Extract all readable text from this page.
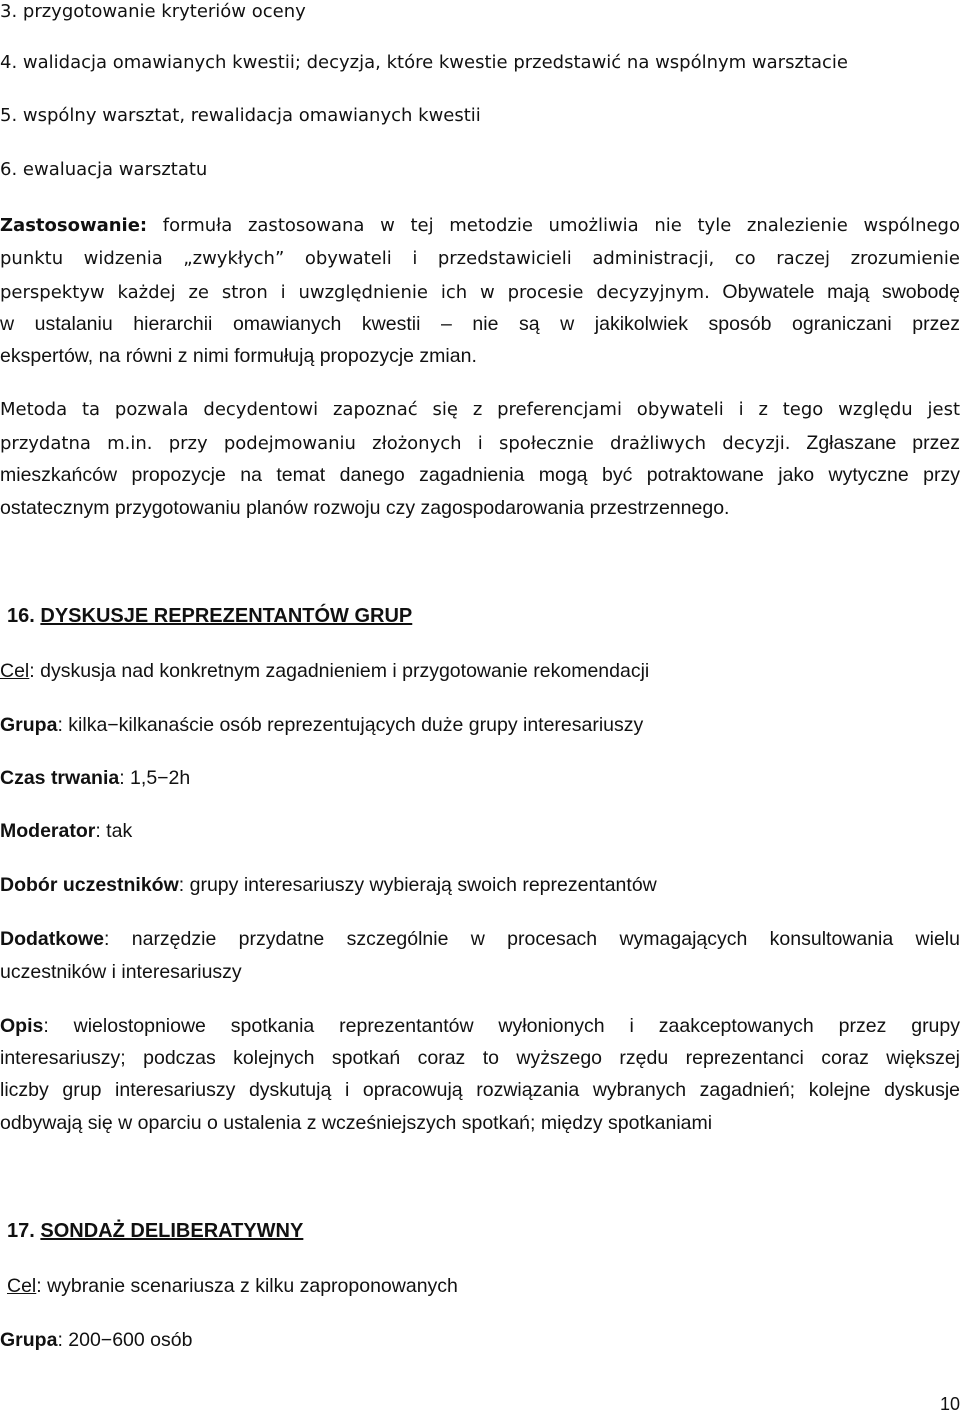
3. przygotowanie kryteriów oceny

4. walidacja omawianych kwestii; decyzja, które kwestie przedstawić na wspólnym warsztacie

5. wspólny warsztat, rewalidacja omawianych kwestii

6. ewaluacja warsztatu

Zastosowanie: formuła zastosowana w tej metodzie umożliwia nie tyle znalezienie wspólnego

punktu widzenia „zwykłych” obywateli i przedstawicieli administracji, co raczej zrozumienie

perspektyw każdej ze stron i uwzględnienie ich w procesie decyzyjnym. Obywatele mają swobodę

w ustalaniu hierarchii omawianych kwestii – nie są w jakikolwiek sposób ograniczani przez

ekspertów, na równi z nimi formułują propozycje zmian.

Metoda ta pozwala decydentowi zapoznać się z preferencjami obywateli i z tego względu jest

przydatna m.in. przy podejmowaniu złożonych i społecznie drażliwych decyzji. Zgłaszane przez

mieszkańców propozycje na temat danego zagadnienia mogą być potraktowane jako wytyczne przy

ostatecznym przygotowaniu planów rozwoju czy zagospodarowania przestrzennego.

16. DYSKUSJE REPREZENTANTÓW GRUP

Cel: dyskusja nad konkretnym zagadnieniem i przygotowanie rekomendacji

Grupa: kilka−kilkanaście osób reprezentujących duże grupy interesariuszy

Czas trwania: 1,5−2h

Moderator: tak

Dobór uczestników: grupy interesariuszy wybierają swoich reprezentantów

Dodatkowe: narzędzie przydatne szczególnie w procesach wymagających konsultowania wielu

uczestników i interesariuszy

Opis: wielostopniowe spotkania reprezentantów wyłonionych i zaakceptowanych przez grupy

interesariuszy; podczas kolejnych spotkań coraz to wyższego rzędu reprezentanci coraz większej

liczby grup interesariuszy dyskutują i opracowują rozwiązania wybranych zagadnień; kolejne dyskusje

odbywają się w oparciu o ustalenia z wcześniejszych spotkań; między spotkaniami

17. SONDAŻ DELIBERATYWNY

Cel: wybranie scenariusza z kilku zaproponowanych

Grupa: 200−600 osób

10
